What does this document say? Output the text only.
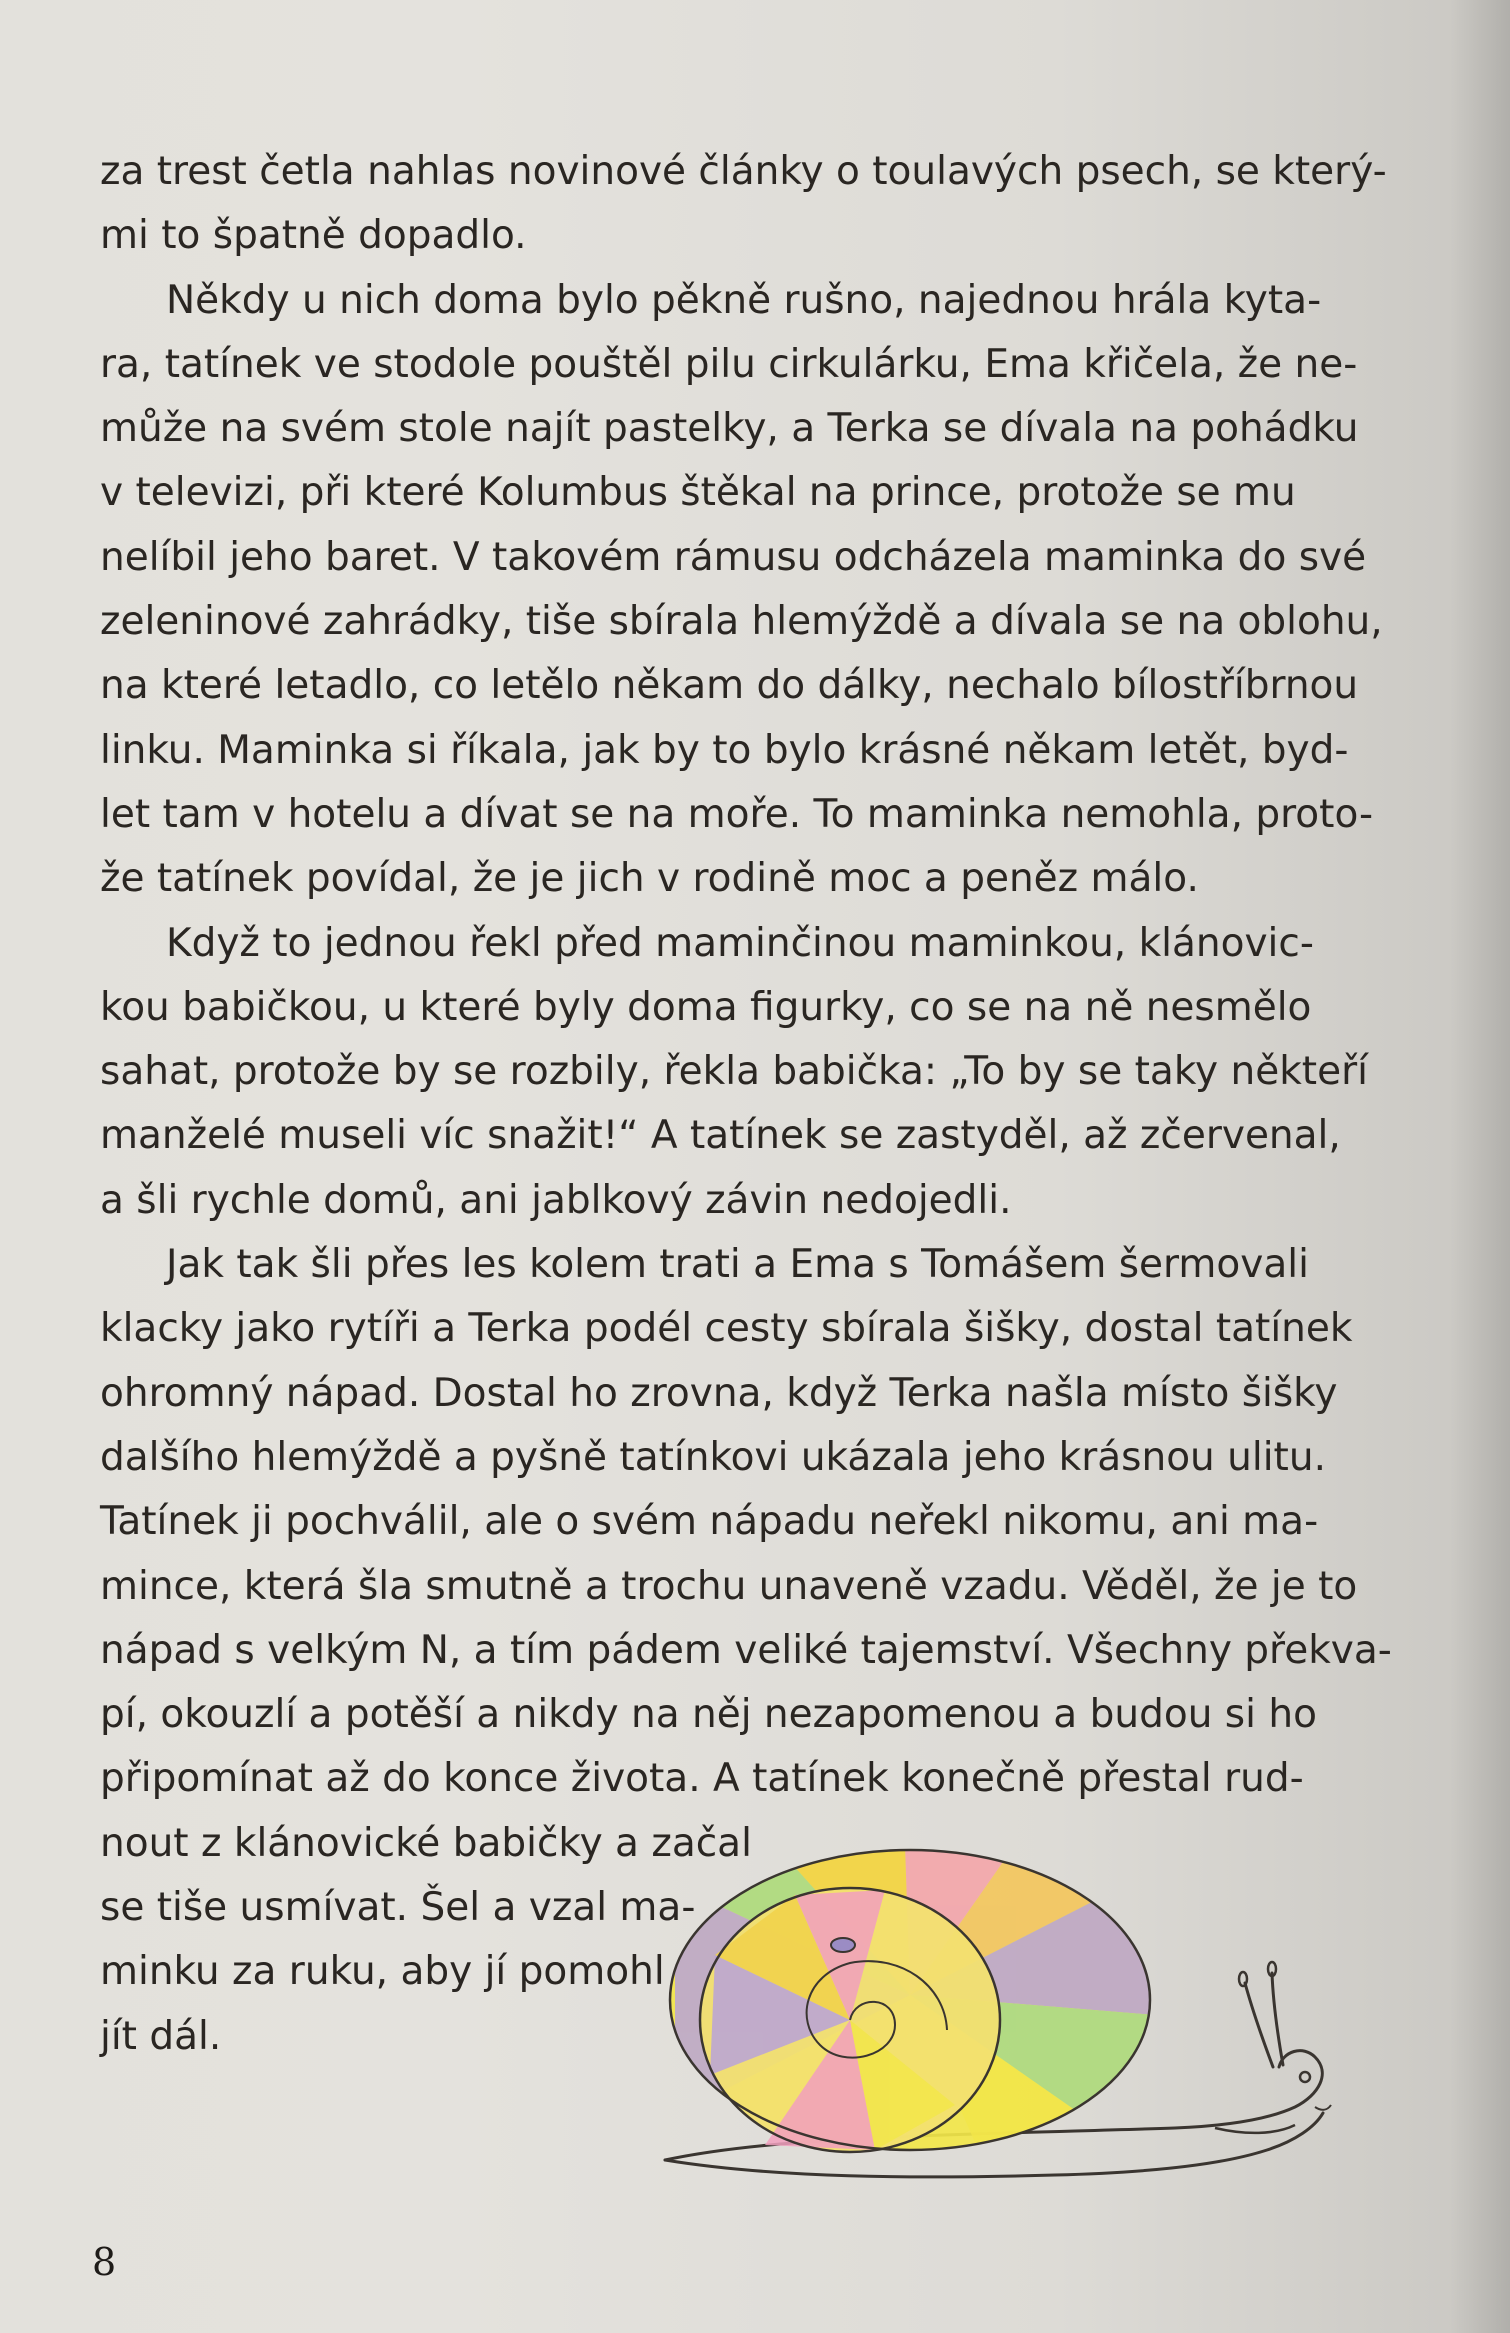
za trest četla nahlas novinové články o toulavých psech, se který-
mi to špatně dopadlo.

Někdy u nich doma bylo pěkně rušno, najednou hrála kyta-
ra, tatínek ve stodole pouštěl pilu cirkulárku, Ema křičela, že ne-
může na svém stole najít pastelky, a Terka se dívala na pohádku
v televizi, při které Kolumbus štěkal na prince, protože se mu
nelíbil jeho baret. V takovém rámusu odcházela maminka do své
zeleninové zahrádky, tiše sbírala hlemýždě a dívala se na oblohu,
na které letadlo, co letělo někam do dálky, nechalo bílostříbrnou
linku. Maminka si říkala, jak by to bylo krásné někam letět, byd-
let tam v hotelu a dívat se na moře. To maminka nemohla, proto-
že tatínek povídal, že je jich v rodině moc a peněz málo.

Když to jednou řekl před maminčinou maminkou, klánovic-
kou babičkou, u které byly doma figurky, co se na ně nesmělo
sahat, protože by se rozbily, řekla babička: „To by se taky někteří
manželé museli víc snažit!“ A tatínek se zastyděl, až zčervenal,
a šli rychle domů, ani jablkový závin nedojedli.

Jak tak šli přes les kolem trati a Ema s Tomášem šermovali
klacky jako rytíři a Terka podél cesty sbírala šišky, dostal tatínek
ohromný nápad. Dostal ho zrovna, když Terka našla místo šišky
dalšího hlemýždě a pyšně tatínkovi ukázala jeho krásnou ulitu.
Tatínek ji pochválil, ale o svém nápadu neřekl nikomu, ani ma-
mince, která šla smutně a trochu unaveně vzadu. Věděl, že je to
nápad s velkým N, a tím pádem veliké tajemství. Všechny překva-
pí, okouzlí a potěší a nikdy na něj nezapomenou a budou si ho
připomínat až do konce života. A tatínek konečně přestal rud-

nout z klánovické babičky a začal
se tiše usmívat. Šel a vzal ma-
minku za ruku, aby jí pomohl
jít dál.

8
